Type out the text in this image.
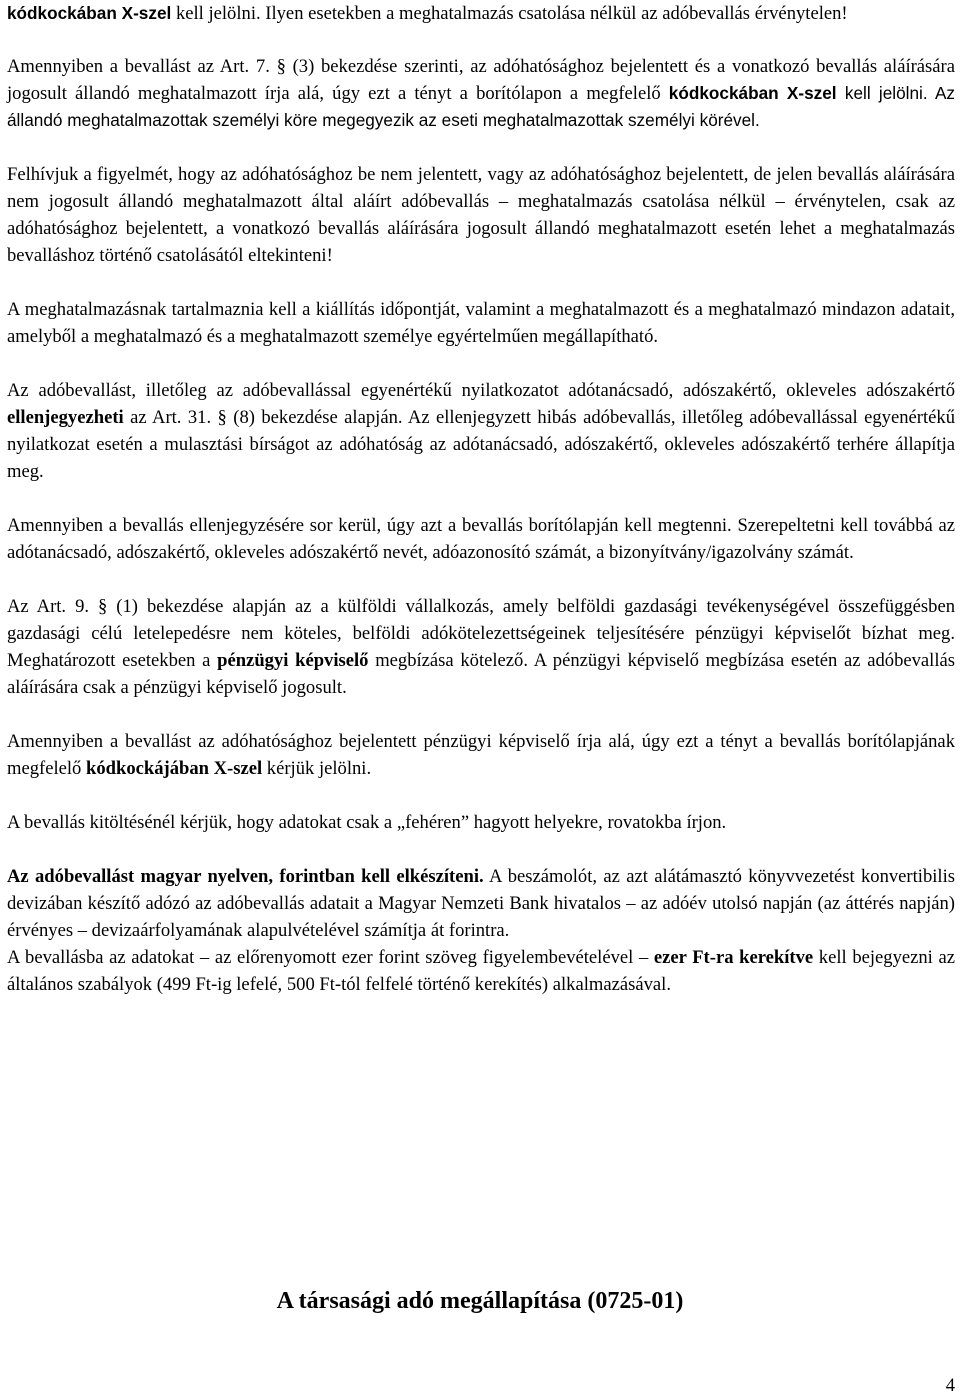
kódkockában X-szel kell jelölni. Ilyen esetekben a meghatalmazás csatolása nélkül az adóbevallás érvénytelen!

Amennyiben a bevallást az Art. 7. § (3) bekezdése szerinti, az adóhatósághoz bejelentett és a vonatkozó bevallás aláírására jogosult állandó meghatalmazott írja alá, úgy ezt a tényt a borítólapon a megfelelő kódkockában X-szel kell jelölni. Az állandó meghatalmazottak személyi köre megegyezik az eseti meghatalmazottak személyi körével.

Felhívjuk a figyelmét, hogy az adóhatósághoz be nem jelentett, vagy az adóhatósághoz bejelentett, de jelen bevallás aláírására nem jogosult állandó meghatalmazott által aláírt adóbevallás – meghatalmazás csatolása nélkül – érvénytelen, csak az adóhatósághoz bejelentett, a vonatkozó bevallás aláírására jogosult állandó meghatalmazott esetén lehet a meghatalmazás bevalláshoz történő csatolásától eltekinteni!

A meghatalmazásnak tartalmaznia kell a kiállítás időpontját, valamint a meghatalmazott és a meghatalmazó mindazon adatait, amelyből a meghatalmazó és a meghatalmazott személye egyértelműen megállapítható.

Az adóbevallást, illetőleg az adóbevallással egyenértékű nyilatkozatot adótanácsadó, adószakértő, okleveles adószakértő ellenjegyezheti az Art. 31. § (8) bekezdése alapján. Az ellenjegyzett hibás adóbevallás, illetőleg adóbevallással egyenértékű nyilatkozat esetén a mulasztási bírságot az adóhatóság az adótanácsadó, adószakértő, okleveles adószakértő terhére állapítja meg.

Amennyiben a bevallás ellenjegyzésére sor kerül, úgy azt a bevallás borítólapján kell megtenni. Szerepeltetni kell továbbá az adótanácsadó, adószakértő, okleveles adószakértő nevét, adóazonosító számát, a bizonyítvány/igazolvány számát.

Az Art. 9. § (1) bekezdése alapján az a külföldi vállalkozás, amely belföldi gazdasági tevékenységével összefüggésben gazdasági célú letelepedésre nem köteles, belföldi adókötelezettségeinek teljesítésére pénzügyi képviselőt bízhat meg. Meghatározott esetekben a pénzügyi képviselő megbízása kötelező. A pénzügyi képviselő megbízása esetén az adóbevallás aláírására csak a pénzügyi képviselő jogosult.

Amennyiben a bevallást az adóhatósághoz bejelentett pénzügyi képviselő írja alá, úgy ezt a tényt a bevallás borítólapjának megfelelő kódkockájában X-szel kérjük jelölni.

A bevallás kitöltésénél kérjük, hogy adatokat csak a „fehéren” hagyott helyekre, rovatokba írjon.

Az adóbevallást magyar nyelven, forintban kell elkészíteni. A beszámolót, az azt alátámasztó könyvvezetést konvertibilis devizában készítő adózó az adóbevallás adatait a Magyar Nemzeti Bank hivatalos – az adóév utolsó napján (az áttérés napján) érvényes – devizaárfolyamának alapulvételével számítja át forintra.

A bevallásba az adatokat – az előrenyomott ezer forint szöveg figyelembevételével – ezer Ft-ra kerekítve kell bejegyezni az általános szabályok (499 Ft-ig lefelé, 500 Ft-tól felfelé történő kerekítés) alkalmazásával.

A társasági adó megállapítása (0725-01)
4
